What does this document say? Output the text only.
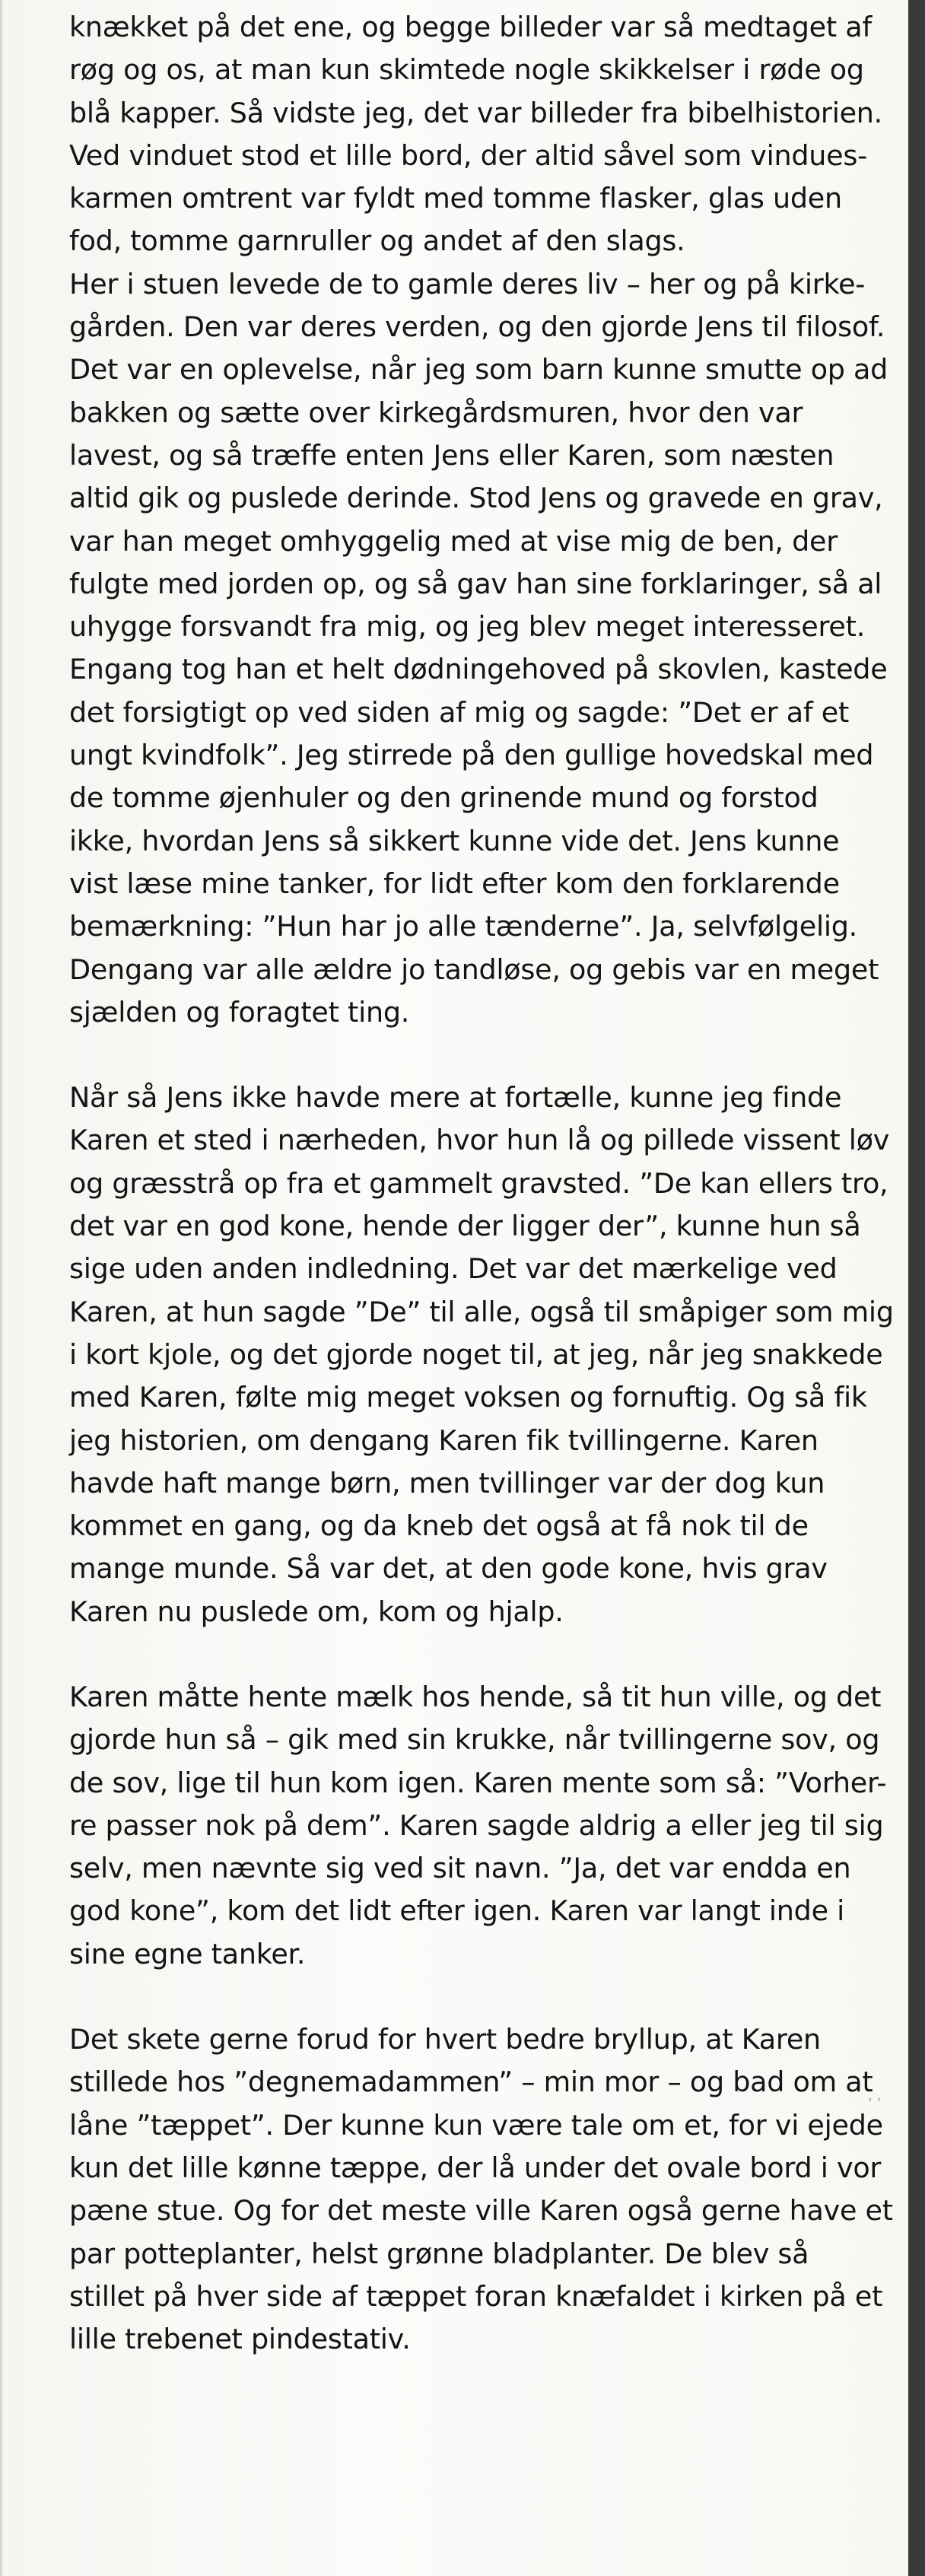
knækket på det ene, og begge billeder var så medtaget af
røg og os, at man kun skimtede nogle skikkelser i røde og
blå kapper. Så vidste jeg, det var billeder fra bibelhistorien.
Ved vinduet stod et lille bord, der altid såvel som vindues-
karmen omtrent var fyldt med tomme flasker, glas uden
fod, tomme garnruller og andet af den slags.
Her i stuen levede de to gamle deres liv – her og på kirke-
gården. Den var deres verden, og den gjorde Jens til filosof.
Det var en oplevelse, når jeg som barn kunne smutte op ad
bakken og sætte over kirkegårdsmuren, hvor den var
lavest, og så træffe enten Jens eller Karen, som næsten
altid gik og puslede derinde. Stod Jens og gravede en grav,
var han meget omhyggelig med at vise mig de ben, der
fulgte med jorden op, og så gav han sine forklaringer, så al
uhygge forsvandt fra mig, og jeg blev meget interesseret.
Engang tog han et helt dødningehoved på skovlen, kastede
det forsigtigt op ved siden af mig og sagde: ”Det er af et
ungt kvindfolk”. Jeg stirrede på den gullige hovedskal med
de tomme øjenhuler og den grinende mund og forstod
ikke, hvordan Jens så sikkert kunne vide det. Jens kunne
vist læse mine tanker, for lidt efter kom den forklarende
bemærkning: ”Hun har jo alle tænderne”. Ja, selvfølgelig.
Dengang var alle ældre jo tandløse, og gebis var en meget
sjælden og foragtet ting.
Når så Jens ikke havde mere at fortælle, kunne jeg finde
Karen et sted i nærheden, hvor hun lå og pillede vissent løv
og græsstrå op fra et gammelt gravsted. ”De kan ellers tro,
det var en god kone, hende der ligger der”, kunne hun så
sige uden anden indledning. Det var det mærkelige ved
Karen, at hun sagde ”De” til alle, også til småpiger som mig
i kort kjole, og det gjorde noget til, at jeg, når jeg snakkede
med Karen, følte mig meget voksen og fornuftig. Og så fik
jeg historien, om dengang Karen fik tvillingerne. Karen
havde haft mange børn, men tvillinger var der dog kun
kommet en gang, og da kneb det også at få nok til de
mange munde. Så var det, at den gode kone, hvis grav
Karen nu puslede om, kom og hjalp.
Karen måtte hente mælk hos hende, så tit hun ville, og det
gjorde hun så – gik med sin krukke, når tvillingerne sov, og
de sov, lige til hun kom igen. Karen mente som så: ”Vorher-
re passer nok på dem”. Karen sagde aldrig a eller jeg til sig
selv, men nævnte sig ved sit navn. ”Ja, det var endda en
god kone”, kom det lidt efter igen. Karen var langt inde i
sine egne tanker.
Det skete gerne forud for hvert bedre bryllup, at Karen
stillede hos ”degnemadammen” – min mor – og bad om at
låne ”tæppet”. Der kunne kun være tale om et, for vi ejede
kun det lille kønne tæppe, der lå under det ovale bord i vor
pæne stue. Og for det meste ville Karen også gerne have et
par potteplanter, helst grønne bladplanter. De blev så
stillet på hver side af tæppet foran knæfaldet i kirken på et
lille trebenet pindestativ.
’ ’
